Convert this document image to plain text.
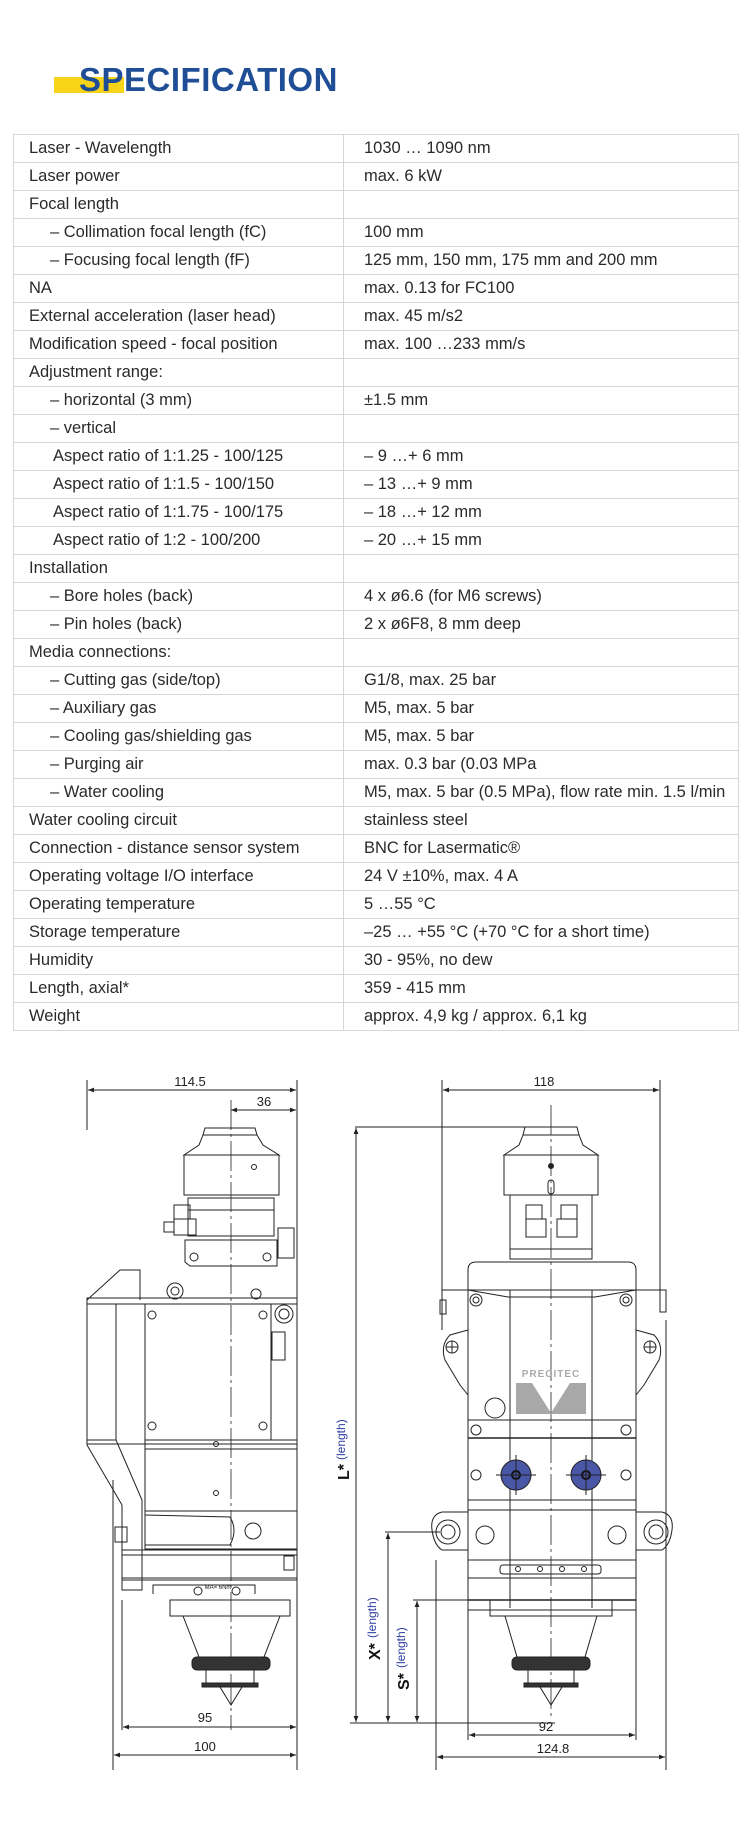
SPECIFICATION
Laser - Wavelength	1030 … 1090 nm
Laser power	max. 6 kW
Focal length	
– Collimation focal length (fC)	100 mm
– Focusing focal length (fF)	125 mm, 150 mm, 175 mm and 200 mm
NA	max. 0.13 for FC100
External acceleration (laser head)	max. 45 m/s2
Modification speed - focal position	max. 100 …233 mm/s
Adjustment range:	
– horizontal (3 mm)	±1.5 mm
– vertical	
Aspect ratio of 1:1.25 - 100/125	– 9 …+ 6 mm
Aspect ratio of 1:1.5 - 100/150	– 13 …+ 9 mm
Aspect ratio of 1:1.75 - 100/175	– 18 …+ 12 mm
Aspect ratio of 1:2 - 100/200	– 20 …+ 15 mm
Installation	
– Bore holes (back)	4 x ø6.6 (for M6 screws)
– Pin holes (back)	2 x ø6F8, 8 mm deep
Media connections:	
– Cutting gas (side/top)	G1/8, max. 25 bar
– Auxiliary gas	M5, max. 5 bar
– Cooling gas/shielding gas	M5, max. 5 bar
– Purging air	max. 0.3 bar (0.03 MPa
– Water cooling	M5, max. 5 bar (0.5 MPa), flow rate min. 1.5 l/min
Water cooling circuit	stainless steel
Connection - distance sensor system	BNC for Lasermatic®
Operating voltage I/O interface	24 V ±10%, max. 4 A
Operating temperature	5 …55 °C
Storage temperature	–25 … +55 °C (+70 °C for a short time)
Humidity	30 - 95%, no dew
Length, axial*	359 - 415 mm
Weight	approx. 4,9 kg / approx. 6,1 kg
114.5
36
95
100
MA= 6Nm
PRECITEC
118
92
124.8
L*
(length)
X*
(length)
S*
(length)
